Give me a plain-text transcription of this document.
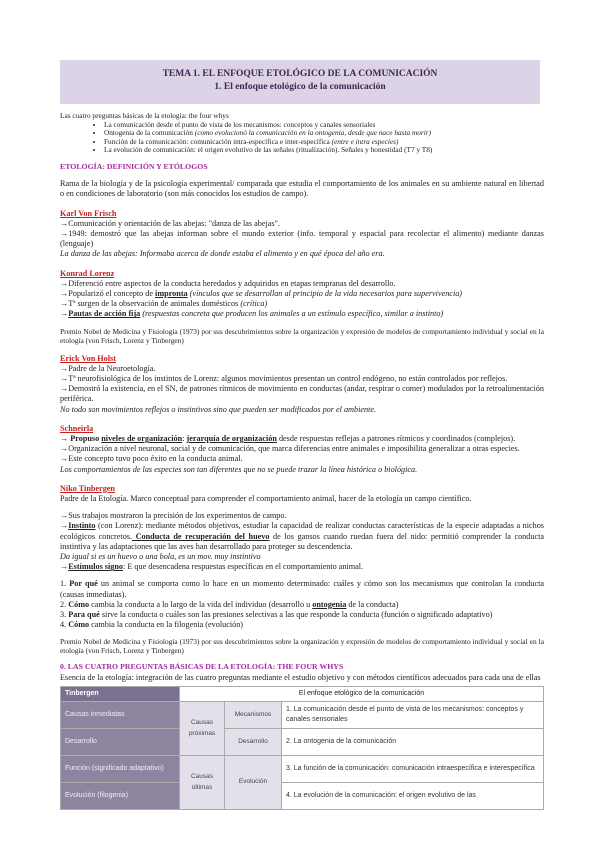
TEMA 1. EL ENFOQUE ETOLÓGICO DE LA COMUNICACIÓN
1. El enfoque etológico de la comunicación

Las cuatro preguntas básicas de la etología: the four whys

• La comunicación desde el punto de vista de los mecanismos: conceptos y canales sensoriales
• Ontogenia de la comunicación (como evolucionó la comunicación en la ontogenia, desde que nace hasta morir)
• Función de la comunicación: comunicación intra-específica e inter-específica (entre e intra especies)
• La evolución de comunicación: el origen evolutivo de las señales (ritualización). Señales y honestidad (T7 y T8)

ETOLOGÍA: DEFINICIÓN Y ETÓLOGOS

Rama de la biología y de la psicología experimental/ comparada que estudia el comportamiento de los animales en su ambiente natural en libertad o en condiciones de laboratorio (son más conocidos los estudios de campo).

Karl Von Frisch

→Comunicación y orientación de las abejas: "danza de las abejas".

→1949: demostró que las abejas informan sobre el mundo exterior (info. temporal y espacial para recolectar el alimento) mediante danzas (lenguaje)

La danza de las abejas: Informaba acerca de donde estaba el alimento y en qué época del año era.

Konrad Lorenz

→Diferenció entre aspectos de la conducta heredados y adquiridos en etapas tempranas del desarrollo.

→Popularizó el concepto de impronta (vínculos que se desarrollan al principio de la vida necesarios para supervivencia)

→Tª surgen de la observación de animales domésticos (crítica)

→Pautas de acción fija (respuestas concreta que producen los animales a un estímulo específico, similar a instinto)

Premio Nobel de Medicina y Fisiología (1973) por sus descubrimientos sobre la organización y expresión de modelos de comportamiento individual y social en la etología (von Frisch, Lorenz y Tinbergen)

Erick Von Holst

→Padre de la Neuroetología.

→Tª neurofisiológica de los instintos de Lorenz: algunos movimientos presentan un control endógeno, no están controlados por reflejos.

→Demostró la existencia, en el SN, de patrones rítmicos de movimiento en conductas (andar, respirar o comer) modulados por la retroalimentación periférica.

No todo son movimientos reflejos o instintivos sino que pueden ser modificados por el ambiente.

Schneirla

→ Propuso niveles de organización: jerarquía de organización desde respuestas reflejas a patrones rítmicos y coordinados (complejos).

→Organización a nivel neuronal, social y de comunicación, que marca diferencias entre animales e imposibilita generalizar a otras especies.

→Este concepto tuvo poco éxito en la conducta animal.

Los comportamientos de las especies son tan diferentes que no se puede trazar la línea histórica o biológica.

Niko Tinbergen

Padre de la Etología. Marco conceptual para comprender el comportamiento animal, hacer de la etología un campo científico.

→Sus trabajos mostraron la precisión de los experimentos de campo.

→Instinto (con Lorenz): mediante métodos objetivos, estudiar la capacidad de realizar conductas características de la especie adaptadas a nichos ecológicos concretos. Conducta de recuperación del huevo de los gansos cuando ruedan fuera del nido: permitió comprender la conducta instintiva y las adaptaciones que las aves han desarrollado para proteger su descendencia.

Da igual si es un huevo o una bola, es un mov. muy instintivo

→Estímulos signo: E que desencadena respuestas específicas en el comportamiento animal.

1. Por qué un animal se comporta como lo hace en un momento determinado: cuáles y cómo son los mecanismos que controlan la conducta (causas inmediatas).

2. Cómo cambia la conducta a lo largo de la vida del individuo (desarrollo u ontogenia de la conducta)

3. Para qué sirve la conducta o cuáles son las presiones selectivas a las que responde la conducta (función o significado adaptativo)

4. Cómo cambia la conducta en la filogenia (evolución)

Premio Nobel de Medicina y Fisiología (1973) por sus descubrimientos sobre la organización y expresión de modelos de comportamiento individual y social en la etología (von Frisch, Lorenz y Tinbergen)

0. LAS CUATRO PREGUNTAS BÁSICAS DE LA ETOLOGÍA: THE FOUR WHYS

Esencia de la etología: integración de las cuatro preguntas mediante el estudio objetivo y con métodos científicos adecuados para cada una de ellas

Tinbergen	El enfoque etológico de la comunicación		
Causas inmediatas	Causas próximas	Mecanismos	1. La comunicación desde el punto de vista de los mecanismos: conceptos y canales sensoriales
Desarrollo		Desarrollo	2. La ontogenia de la comunicación
Función (significado adaptativo)	Causas últimas	Evolución	3. La función de la comunicación: comunicación intraespecífica e interespecífica
Evolución (filogenia)			4. La evolución de la comunicación: el origen evolutivo de las
